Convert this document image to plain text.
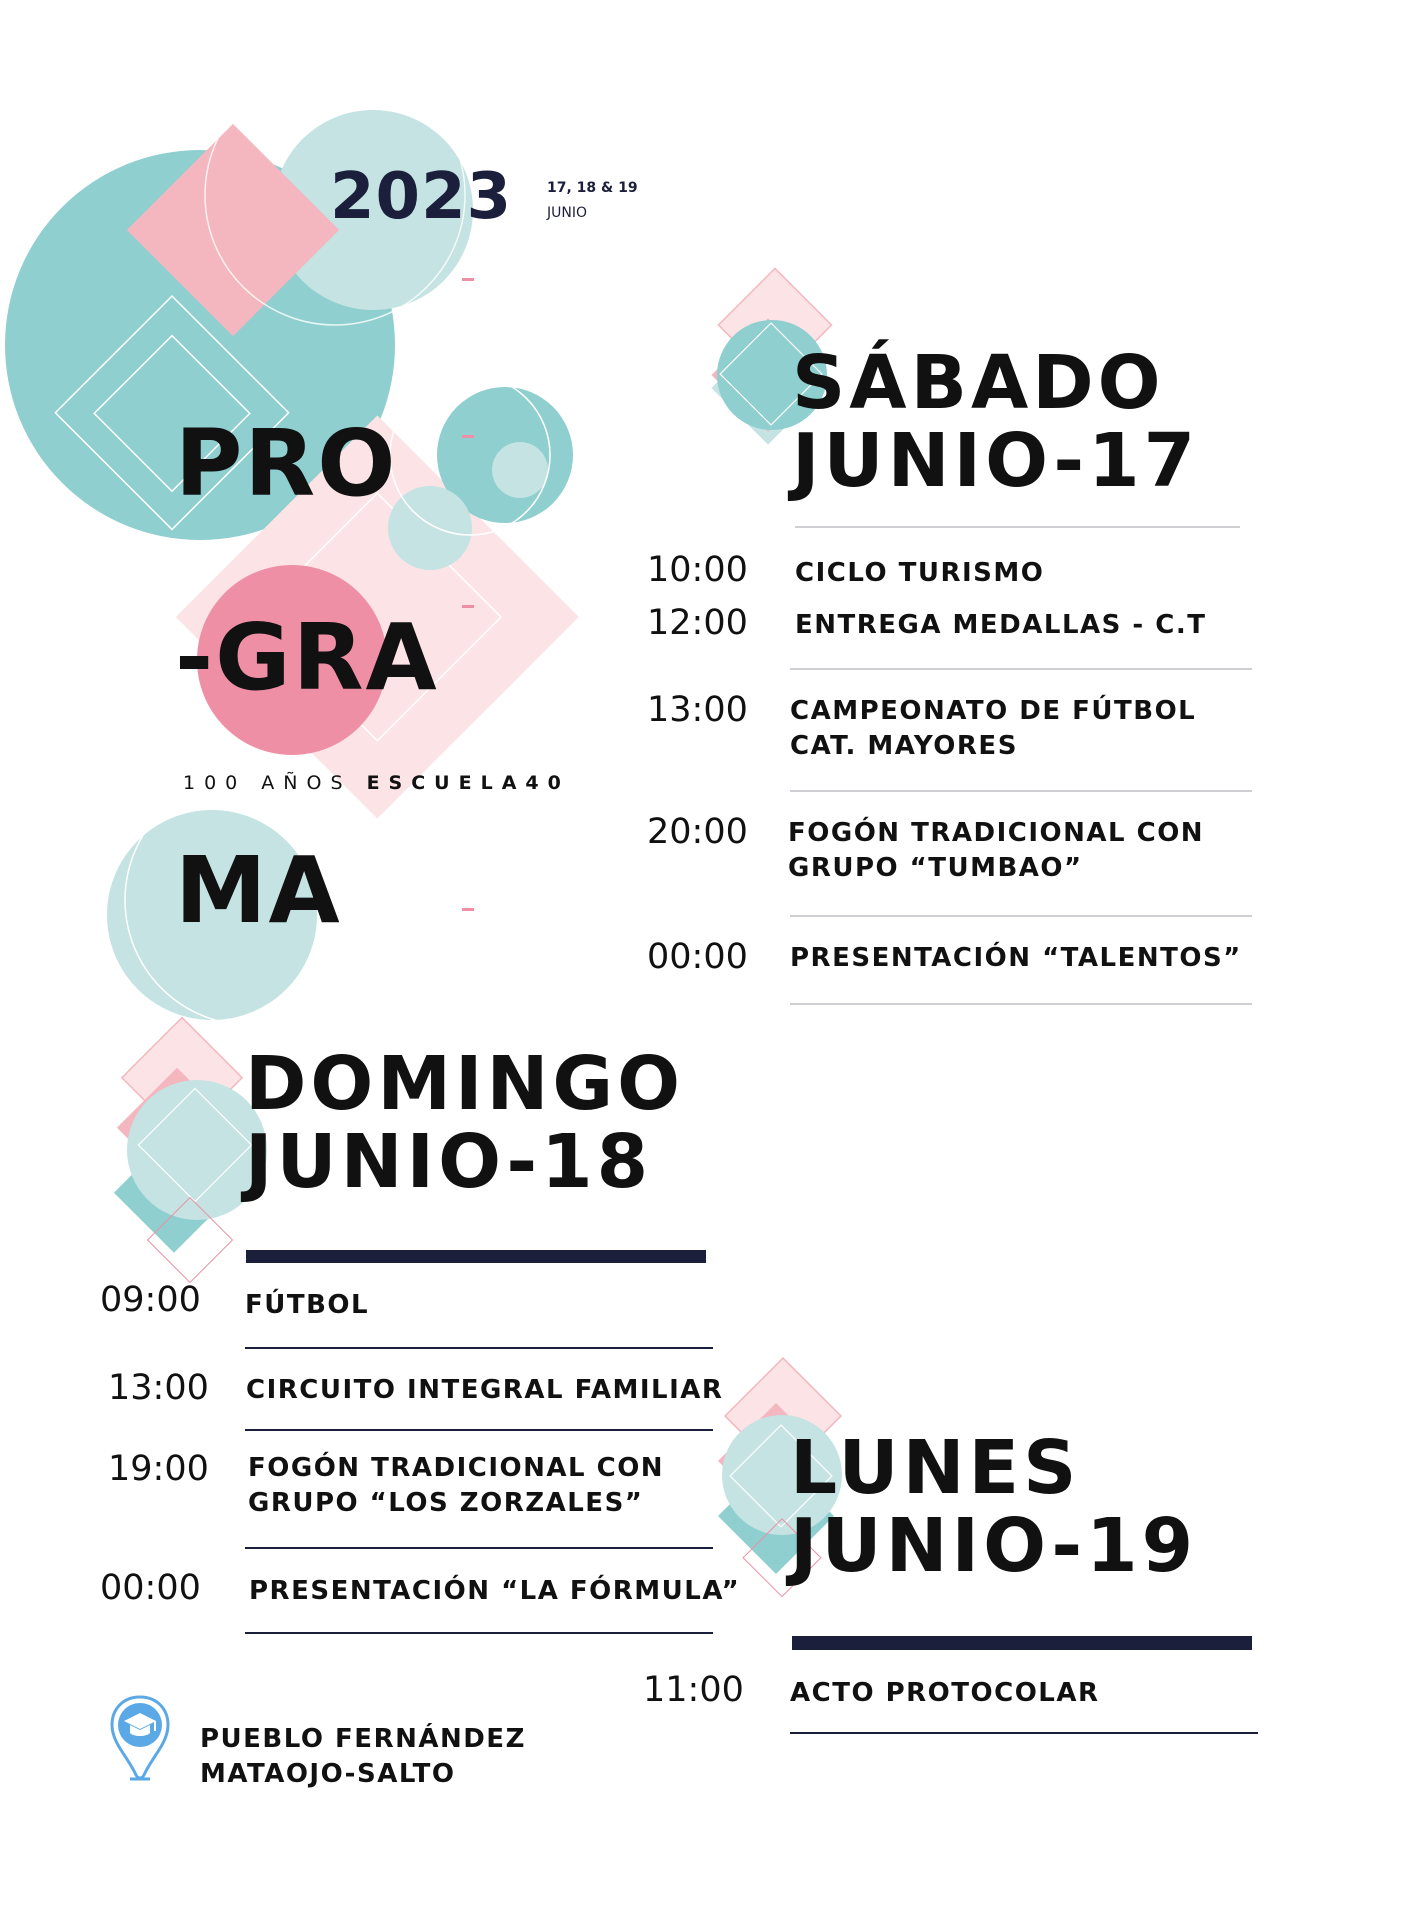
2023 17, 18 & 19
JUNIO
PRO
-GRA
100 AÑOS ESCUELA40
MA
SÁBADO
JUNIO-17
10:00 CICLO TURISMO
12:00 ENTREGA MEDALLAS - C.T
13:00 CAMPEONATO DE FÚTBOL
CAT. MAYORES
20:00 FOGÓN TRADICIONAL CON
GRUPO “TUMBAO”
00:00 PRESENTACIÓN “TALENTOS”
DOMINGO
JUNIO-18
09:00 FÚTBOL
13:00 CIRCUITO INTEGRAL FAMILIAR
19:00 FOGÓN TRADICIONAL CON
GRUPO “LOS ZORZALES”
00:00 PRESENTACIÓN “LA FÓRMULA”
LUNES
JUNIO-19
11:00 ACTO PROTOCOLAR
PUEBLO FERNÁNDEZ
MATAOJO-SALTO
